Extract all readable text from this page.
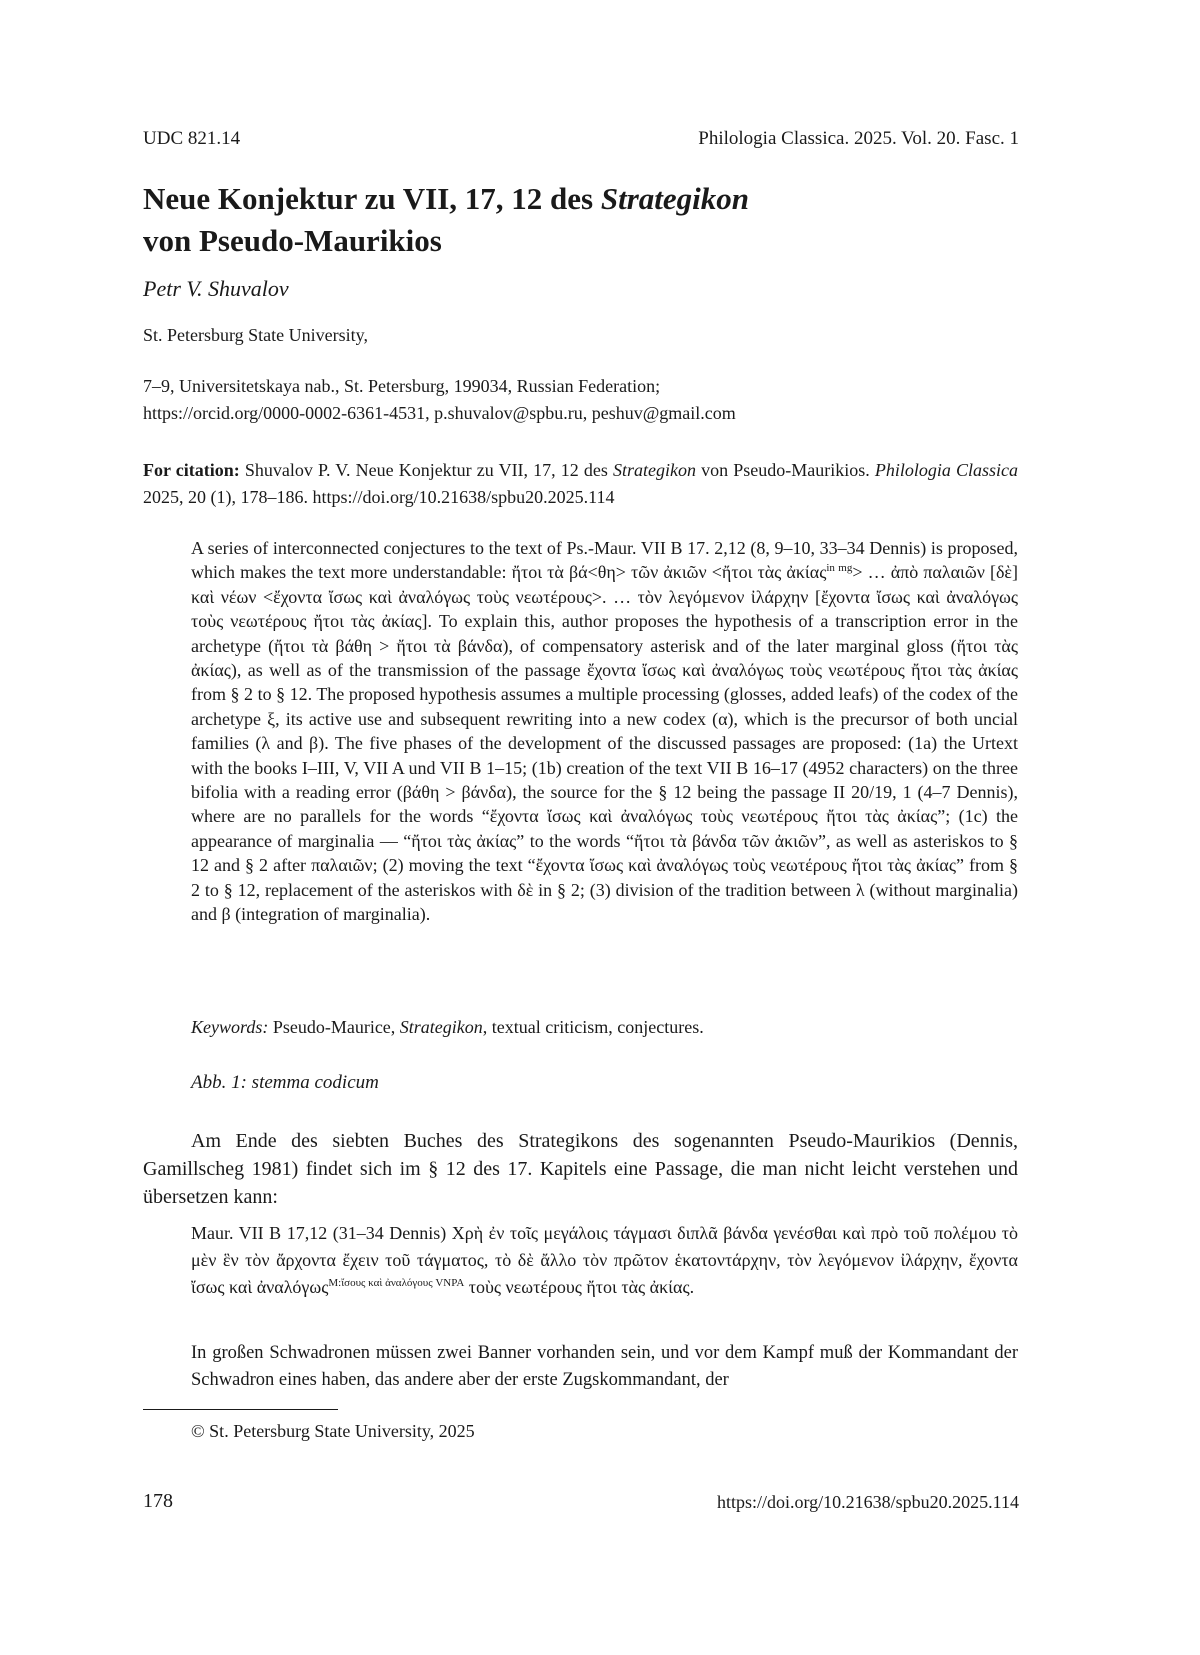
UDC 821.14	Philologia Classica. 2025. Vol. 20. Fasc. 1
Neue Konjektur zu VII, 17, 12 des Strategikon
von Pseudo-Maurikios
Petr V. Shuvalov
St. Petersburg State University,
7–9, Universitetskaya nab., St. Petersburg, 199034, Russian Federation;
https://orcid.org/0000-0002-6361-4531, p.shuvalov@spbu.ru, peshuv@gmail.com
For citation: Shuvalov P. V. Neue Konjektur zu VII, 17, 12 des Strategikon von Pseudo-Maurikios. Philologia Classica 2025, 20 (1), 178–186. https://doi.org/10.21638/spbu20.2025.114
A series of interconnected conjectures to the text of Ps.-Maur. VII B 17. 2,12 (8, 9–10, 33–34 Dennis) is proposed, which makes the text more understandable: ἤτοι τὰ βά<θη> τῶν ἀκιῶν <ἤτοι τὰς ἀκίας$^{in mg}$> … ἀπὸ παλαιῶν [δὲ] καὶ νέων <ἔχοντα ἴσως καὶ ἀναλόγως τοὺς νεωτέρους>. … τὸν λεγόμενον ἰλάρχην [ἔχοντα ἴσως καὶ ἀναλόγως τοὺς νεωτέρους ἤτοι τὰς ἀκίας]. To explain this, author proposes the hypothesis of a transcription error in the archetype (ἤτοι τὰ βάθη > ἤτοι τὰ βάνδα), of compensatory asterisk and of the later marginal gloss (ἤτοι τὰς ἀκίας), as well as of the transmission of the passage ἔχοντα ἴσως καὶ ἀναλόγως τοὺς νεωτέρους ἤτοι τὰς ἀκίας from § 2 to § 12. The proposed hypothesis assumes a multiple processing (glosses, added leafs) of the codex of the archetype ξ, its active use and subsequent rewriting into a new codex (α), which is the precursor of both uncial families (λ and β). The five phases of the development of the discussed passages are proposed: (1a) the Urtext with the books I–III, V, VII A und VII B 1–15; (1b) creation of the text VII B 16–17 (4952 characters) on the three bifolia with a reading error (βάθη > βάνδα), the source for the § 12 being the passage II 20/19, 1 (4–7 Dennis), where are no parallels for the words “ἔχοντα ἴσως καὶ ἀναλόγως τοὺς νεωτέρους ἤτοι τὰς ἀκίας”; (1c) the appearance of marginalia — “ἤτοι τὰς ἀκίας” to the words “ἤτοι τὰ βάνδα τῶν ἀκιῶν”, as well as asteriskos to § 12 and § 2 after παλαιῶν; (2) moving the text “ἔχοντα ἴσως καὶ ἀναλόγως τοὺς νεωτέρους ἤτοι τὰς ἀκίας” from § 2 to § 12, replacement of the asteriskos with δὲ in § 2; (3) division of the tradition between λ (without marginalia) and β (integration of marginalia).
Keywords: Pseudo-Maurice, Strategikon, textual criticism, conjectures.
Abb. 1: stemma codicum
Am Ende des siebten Buches des Strategikons des sogenannten Pseudo-Maurikios (Dennis, Gamillscheg 1981) findet sich im § 12 des 17. Kapitels eine Passage, die man nicht leicht verstehen und übersetzen kann:
Maur. VII B 17,12 (31–34 Dennis) Χρὴ ἐν τοῖς μεγάλοις τάγμασι διπλᾶ βάνδα γενέσθαι καὶ πρὸ τοῦ πολέμου τὸ μὲν ἓν τὸν ἄρχοντα ἔχειν τοῦ τάγματος, τὸ δὲ ἄλλο τὸν πρῶτον ἑκατοντάρχην, τὸν λεγόμενον ἰλάρχην, ἔχοντα ἴσως καὶ ἀναλόγως$^{M:ἴ\sigma o\upsilon\varsigma \kappa\alpha ὶ ἀ\nu\alpha\lambda ό\gamma o\upsilon\varsigma VNPA}$ τοὺς νεωτέρους ἤτοι τὰς ἀκίας.
In großen Schwadronen müssen zwei Banner vorhanden sein, und vor dem Kampf muß der Kommandant der Schwadron eines haben, das andere aber der erste Zugskommandant, der
© St. Petersburg State University, 2025
178	https://doi.org/10.21638/spbu20.2025.114
